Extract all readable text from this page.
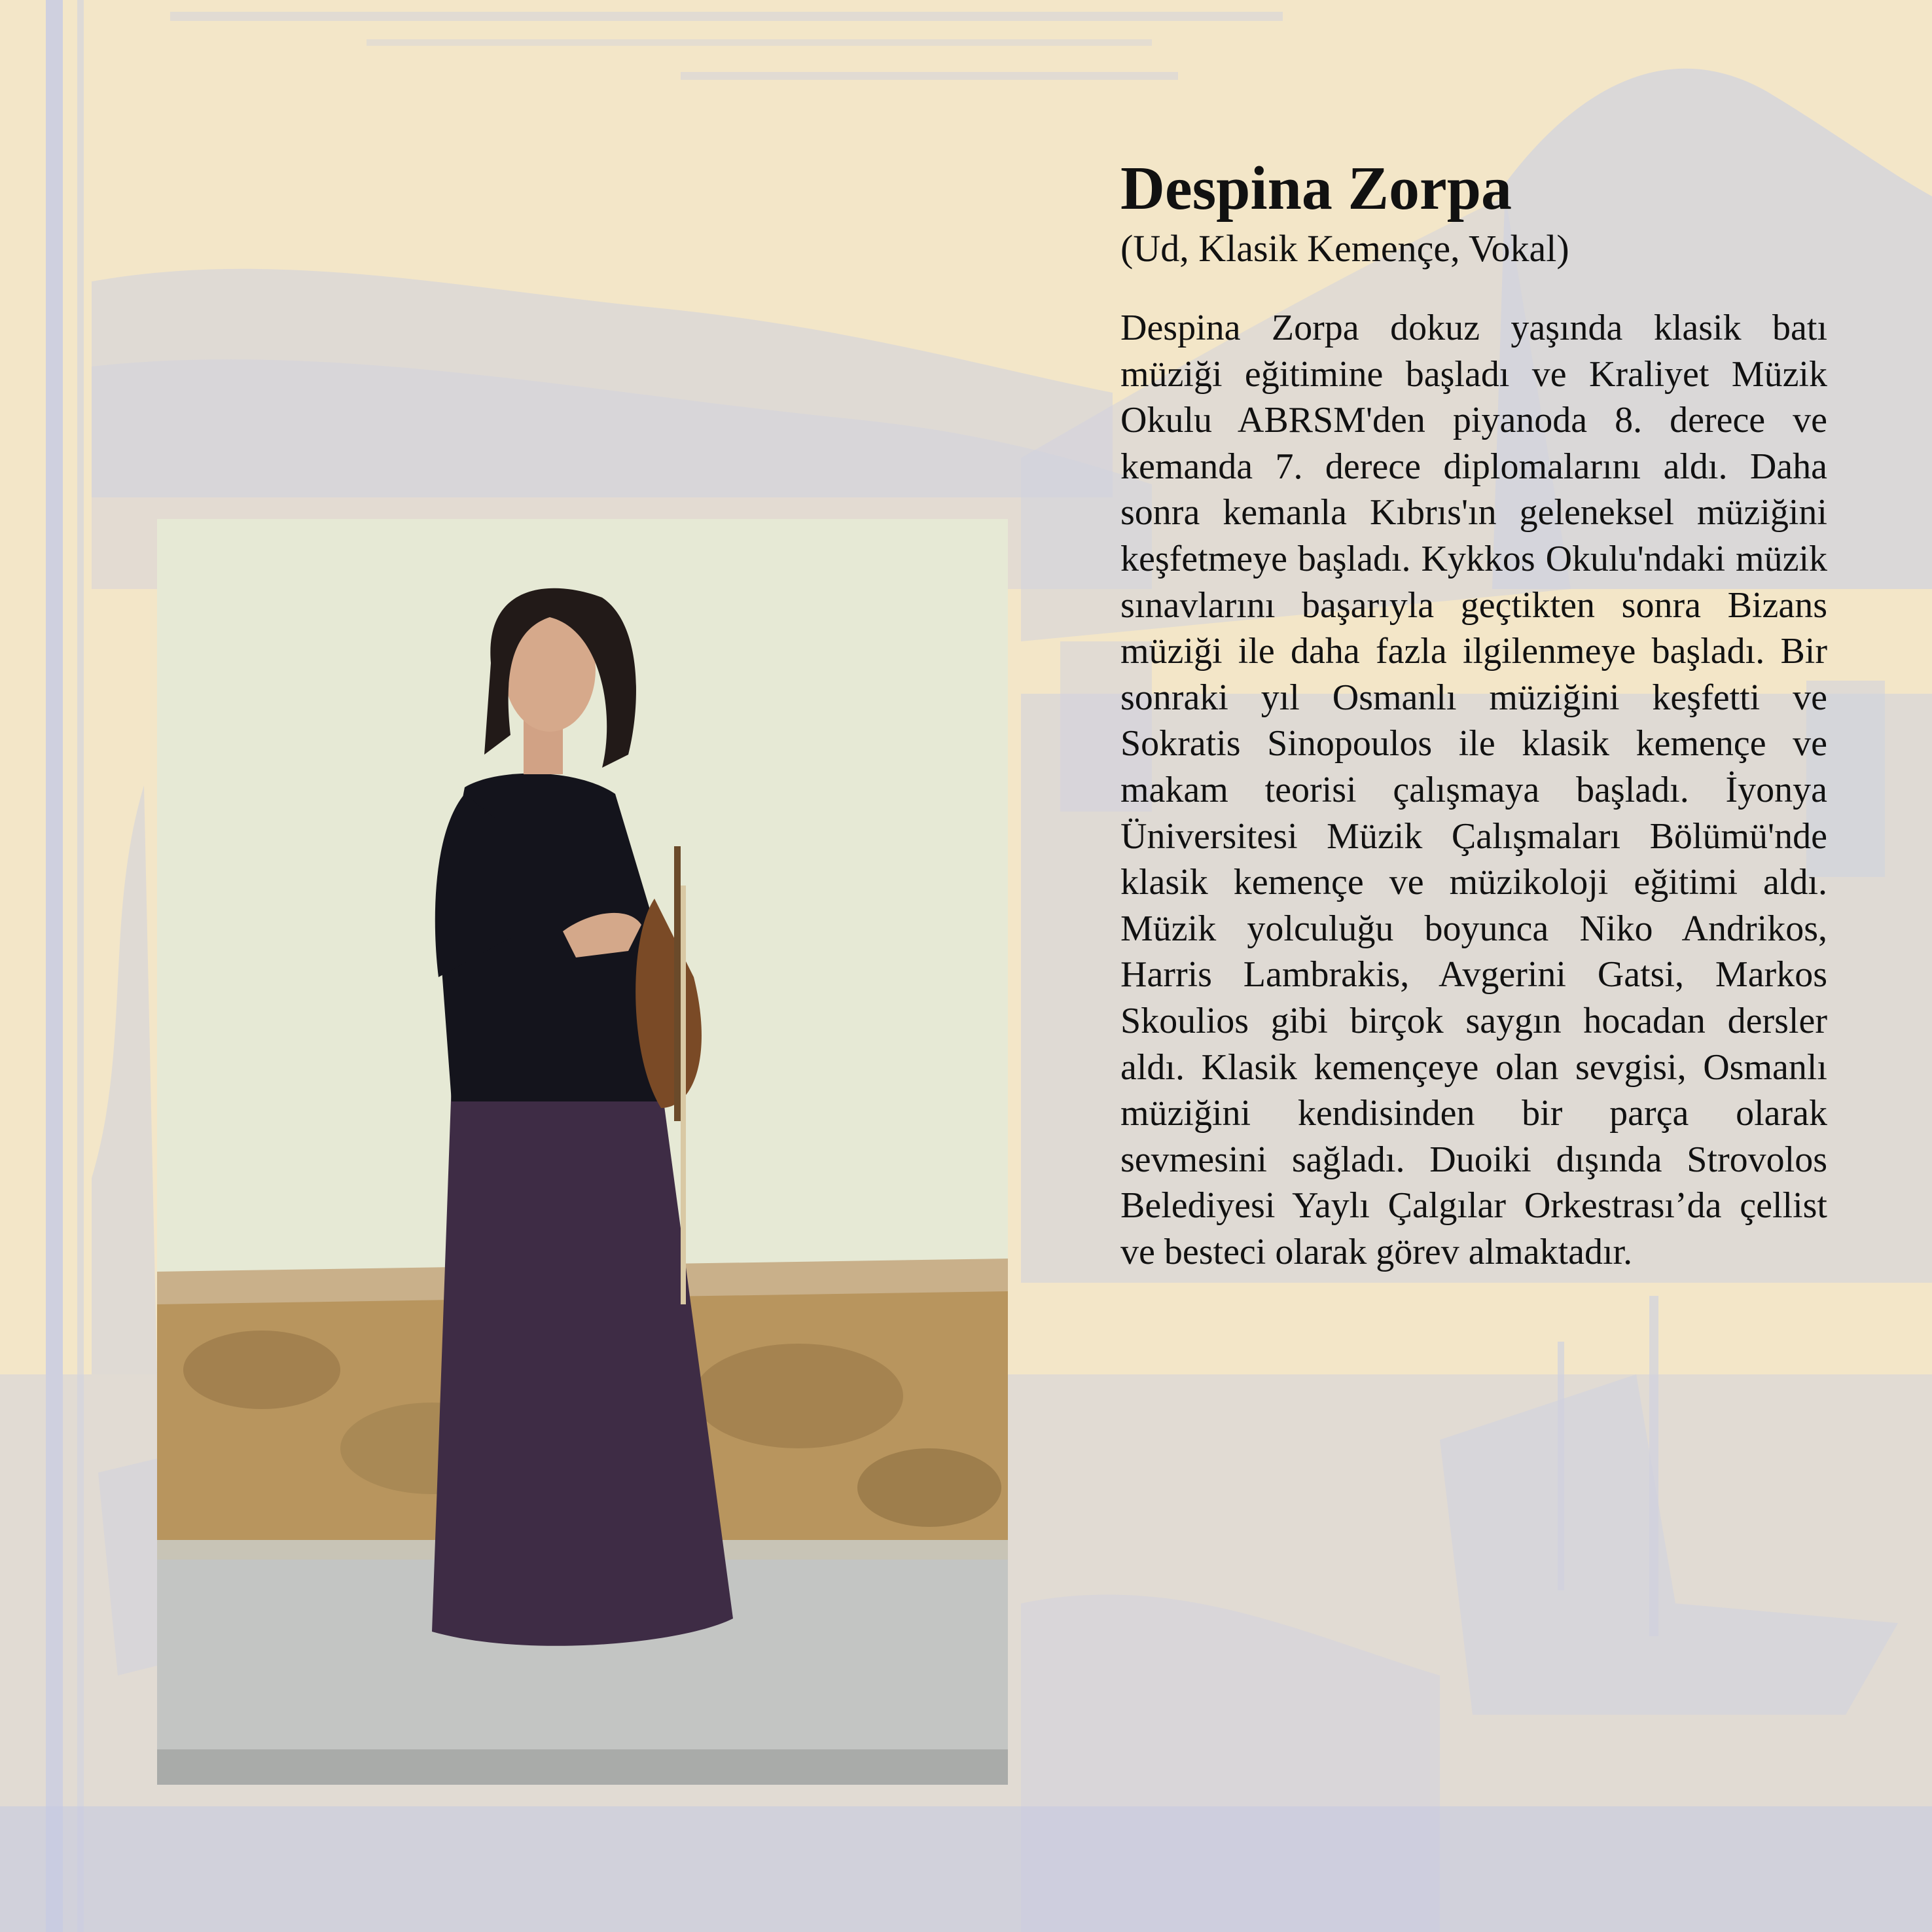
Despina Zorpa

(Ud, Klasik Kemençe, Vokal)

Despina Zorpa dokuz yaşında klasik batı müziği eğitimine başladı ve Kraliyet Müzik Okulu ABRSM'den piyanoda 8. derece ve kemanda 7. derece diplomalarını aldı. Daha sonra kemanla Kıbrıs'ın geleneksel müziğini keşfetmeye başladı. Kykkos Okulu'ndaki müzik sınavlarını başarıyla geçtikten sonra Bizans müziği ile daha fazla ilgilenmeye başladı. Bir sonraki yıl Osmanlı müziğini keşfetti ve Sokratis Sinopoulos ile klasik kemençe ve makam teorisi çalışmaya başladı. İyonya Üniversitesi Müzik Çalışmaları Bölümü'nde klasik kemençe ve müzikoloji eğitimi aldı. Müzik yolculuğu boyunca Niko Andrikos, Harris Lambrakis, Avgerini Gatsi, Markos Skoulios gibi birçok saygın hocadan dersler aldı. Klasik kemençeye olan sevgisi, Osmanlı müziğini kendisinden bir parça olarak sevmesini sağladı. Duoiki dışında Strovolos Belediyesi Yaylı Çalgılar Orkestrası’da çellist ve besteci olarak görev almaktadır.
